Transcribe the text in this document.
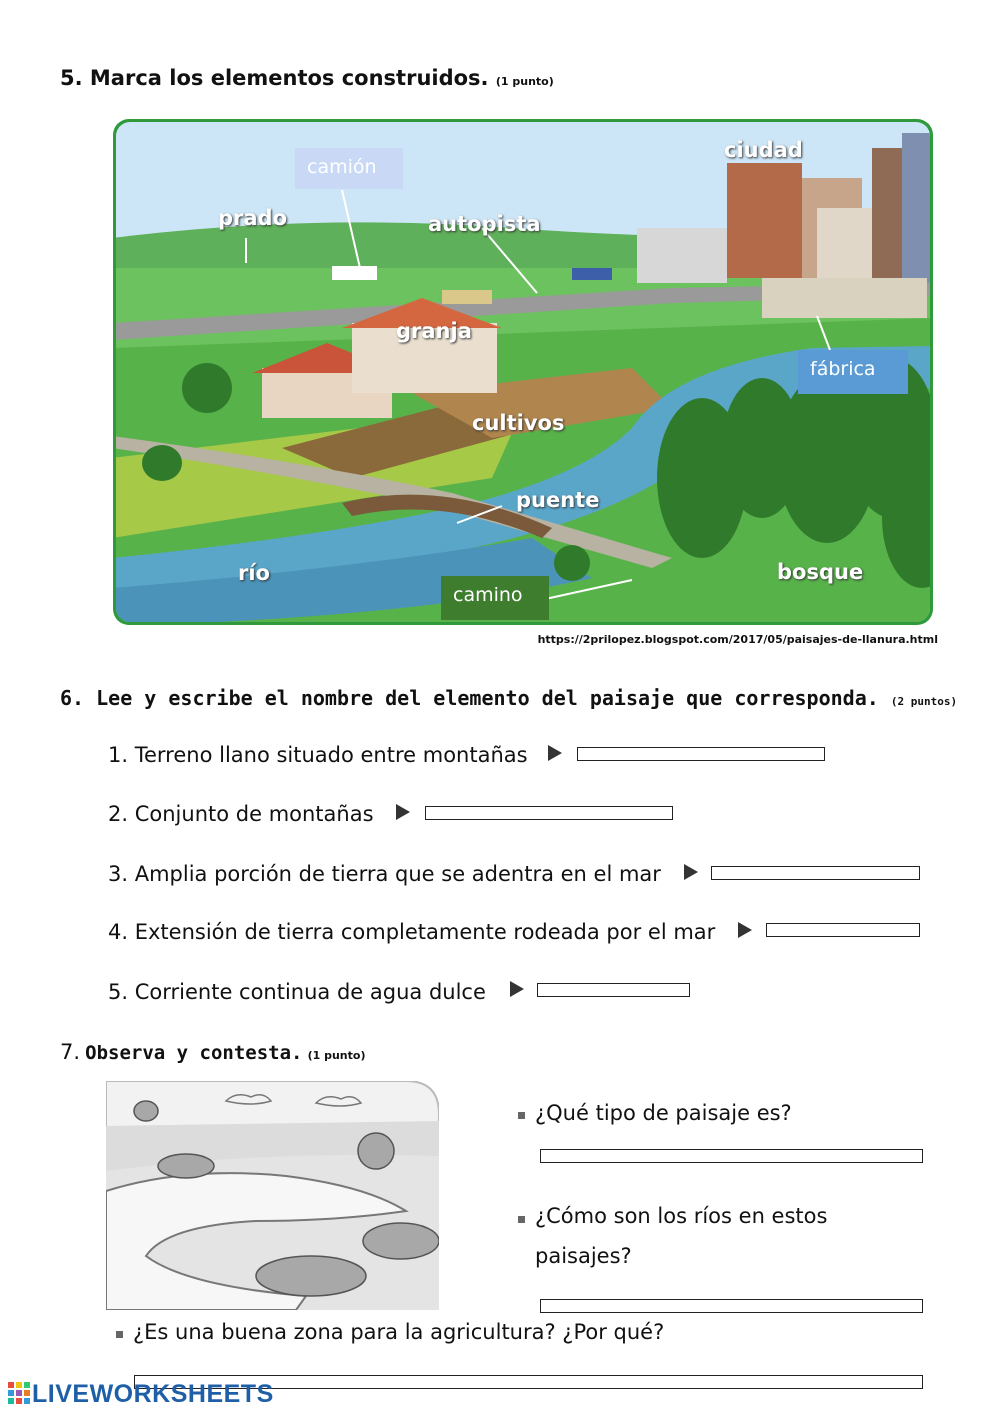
5. Marca los elementos construidos. (1 punto)
ciudad
prado	autopista
granja
cultivos
puente
río	bosque
camión
fábrica
camino
https://2prilopez.blogspot.com/2017/05/paisajes-de-llanura.html
6. Lee y escribe el nombre del elemento del paisaje que corresponda. (2 puntos)
1. Terreno llano situado entre montañas
2. Conjunto de montañas
3. Amplia porción de tierra que se adentra en el mar
4. Extensión de tierra completamente rodeada por el mar
5. Corriente continua de agua dulce
7. Observa y contesta. (1 punto)
¿Qué tipo de paisaje es?
¿Cómo son los ríos en estos
paisajes?
¿Es una buena zona para la agricultura? ¿Por qué?
LIVEWORKSHEETS
